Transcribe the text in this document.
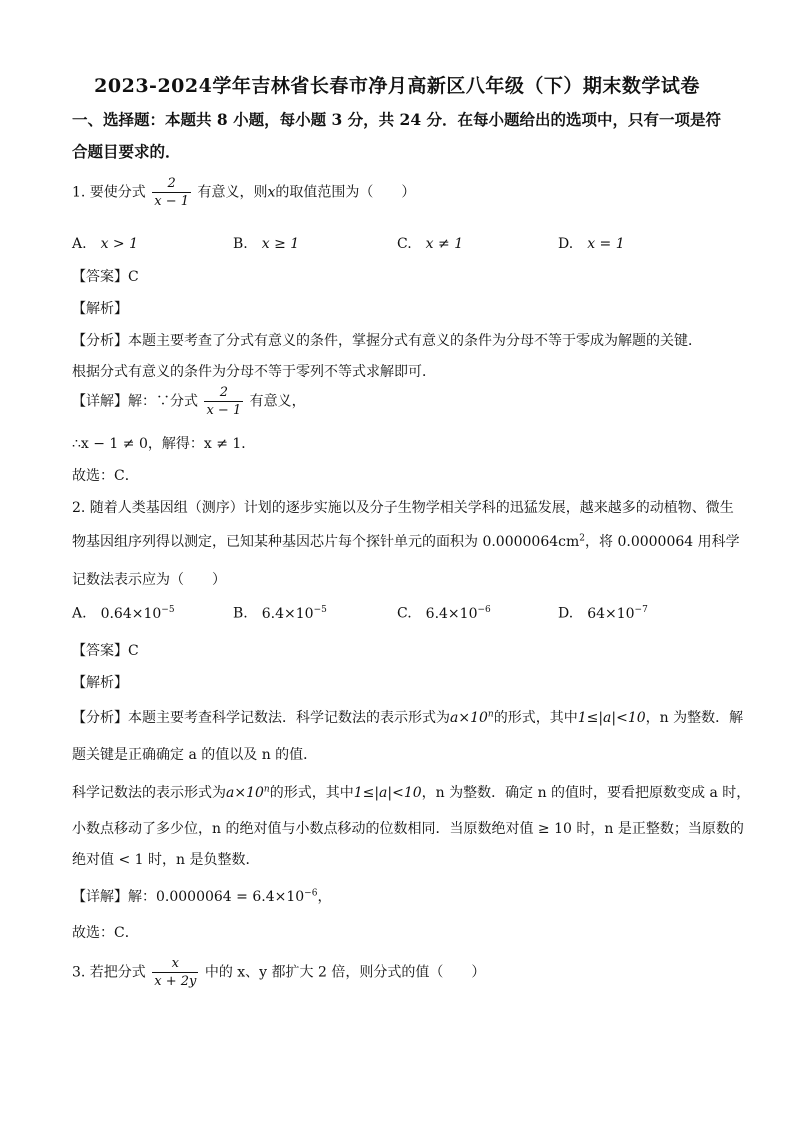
2023-2024学年吉林省长春市净月高新区八年级（下）期末数学试卷
一、选择题：本题共 8 小题，每小题 3 分，共 24 分．在每小题给出的选项中，只有一项是符
合题目要求的．
1. 要使分式 $\frac{2}{x - 1}$ 有意义，则x的取值范围为（　　）
A. x > 1	B. x ≥ 1	C. x ≠ 1	D. x = 1
【答案】C
【解析】
【分析】本题主要考查了分式有意义的条件，掌握分式有意义的条件为分母不等于零成为解题的关键．
根据分式有意义的条件为分母不等于零列不等式求解即可．
【详解】解：∵分式 $\frac{2}{x - 1}$ 有意义，
∴x − 1 ≠ 0，解得：x ≠ 1．
故选：C．
2. 随着人类基因组（测序）计划的逐步实施以及分子生物学相关学科的迅猛发展，越来越多的动植物、微生
物基因组序列得以测定，已知某种基因芯片每个探针单元的面积为 $0.0000064cm^2$，将 0.0000064 用科学
记数法表示应为（　　）
A. $0.64\times 10^{-5}$	B. $6.4\times 10^{-5}$	C. $6.4\times 10^{-6}$	D. $64\times 10^{-7}$
【答案】C
【解析】
【分析】本题主要考查科学记数法．科学记数法的表示形式为$a\times 10^n$的形式，其中1≤|a|<10，n 为整数．解
题关键是正确确定 a 的值以及 n 的值．
科学记数法的表示形式为$a\times 10^n$的形式，其中1≤|a|<10，n 为整数．确定 n 的值时，要看把原数变成 a 时，
小数点移动了多少位，n 的绝对值与小数点移动的位数相同．当原数绝对值 ≥ 10 时，n 是正整数；当原数的
绝对值 < 1 时，n 是负整数．
【详解】解：$0.0000064 = 6.4\times 10^{-6}$，
故选：C．
3. 若把分式 $\frac{x}{x + 2y}$ 中的 x、y 都扩大 2 倍，则分式的值（　　）
